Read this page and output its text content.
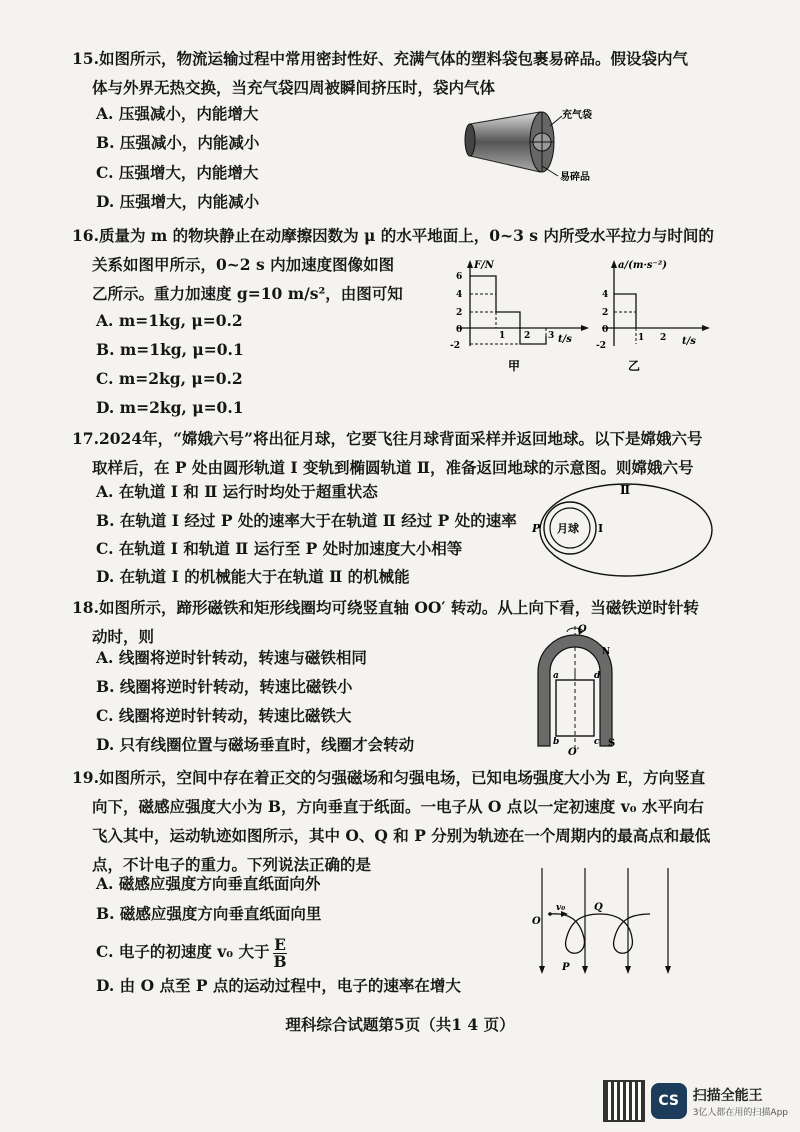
15.如图所示，物流运输过程中常用密封性好、充满气体的塑料袋包裹易碎品。假设袋内气

体与外界无热交换，当充气袋四周被瞬间挤压时，袋内气体

A. 压强减小，内能增大
B. 压强减小，内能减小
C. 压强增大，内能增大
D. 压强增大，内能减小
充气袋
易碎品

16.质量为 m 的物块静止在动摩擦因数为 μ 的水平地面上，0~3 s 内所受水平拉力与时间的

关系如图甲所示，0~2 s 内加速度图像如图

乙所示。重力加速度 g=10 m/s²，由图可知

A. m=1kg, μ=0.2
B. m=1kg, μ=0.1
C. m=2kg, μ=0.2
D. m=2kg, μ=0.1
F/N
t/s
6
4
2
0
-2
1 2 3
甲
a/(m·s⁻²)
t/s
4
2
0
-2
1 2
乙

17.2024年，“嫦娥六号”将出征月球，它要飞往月球背面采样并返回地球。以下是嫦娥六号

取样后，在 P 处由圆形轨道 Ⅰ 变轨到椭圆轨道 Ⅱ，准备返回地球的示意图。则嫦娥六号

A. 在轨道 Ⅰ 和 Ⅱ 运行时均处于超重状态
B. 在轨道 Ⅰ 经过 P 处的速率大于在轨道 Ⅱ 经过 P 处的速率
C. 在轨道 Ⅰ 和轨道 Ⅱ 运行至 P 处时加速度大小相等
D. 在轨道 Ⅰ 的机械能大于在轨道 Ⅱ 的机械能
月球 Ⅰ
Ⅱ
P

18.如图所示，蹄形磁铁和矩形线圈均可绕竖直轴 OO′ 转动。从上向下看，当磁铁逆时针转

动时，则

A. 线圈将逆时针转动，转速与磁铁相同
B. 线圈将逆时针转动，转速比磁铁小
C. 线圈将逆时针转动，转速比磁铁大
D. 只有线圈位置与磁场垂直时，线圈才会转动
O
O′
a
b	c
d
N
S

19.如图所示，空间中存在着正交的匀强磁场和匀强电场，已知电场强度大小为 E，方向竖直

向下，磁感应强度大小为 B，方向垂直于纸面。一电子从 O 点以一定初速度 v₀ 水平向右

飞入其中，运动轨迹如图所示，其中 O、Q 和 P 分别为轨迹在一个周期内的最高点和最低

点，不计电子的重力。下列说法正确的是

A. 磁感应强度方向垂直纸面向外
B. 磁感应强度方向垂直纸面向里
C. 电子的初速度 v₀ 大于 $\frac{E}{B}$
D. 由 O 点至 P 点的运动过程中，电子的速率在增大
O
v₀	Q
P
理科综合试题第5页（共1 4 页）
CS 扫描全能王
3亿人都在用的扫描App
